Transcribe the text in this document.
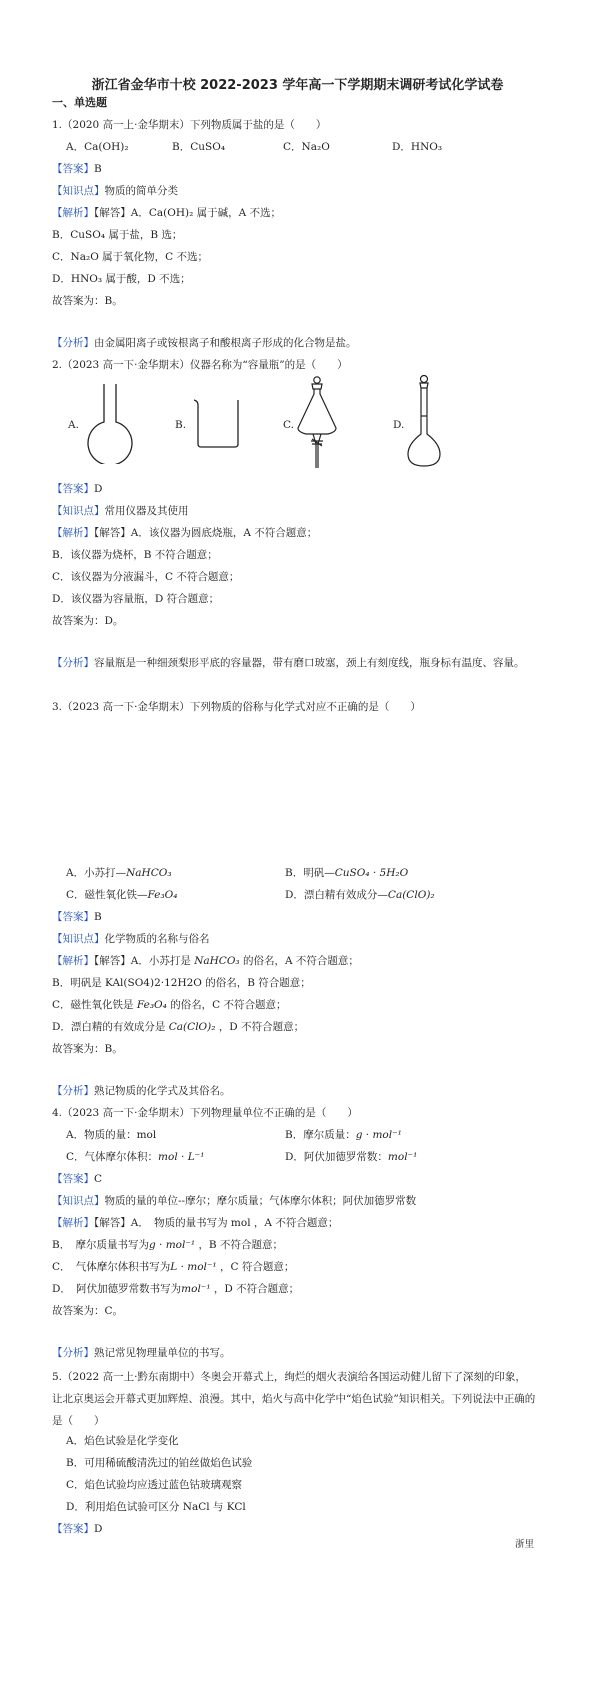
浙江省金华市十校 2022-2023 学年高一下学期期末调研考试化学试卷
一、单选题
1.（2020 高一上·金华期末）下列物质属于盐的是（　　）
A．Ca(OH)₂	B．CuSO₄	C．Na₂O	D．HNO₃
【答案】B
【知识点】物质的简单分类
【解析】【解答】A．Ca(OH)₂ 属于碱，A 不选；
B．CuSO₄ 属于盐，B 选；
C．Na₂O 属于氧化物，C 不选；
D．HNO₃ 属于酸，D 不选；
故答案为：B。
【分析】由金属阳离子或铵根离子和酸根离子形成的化合物是盐。
2.（2023 高一下·金华期末）仪器名称为“容量瓶”的是（　　）
A.	B.	C.	D.
【答案】D
【知识点】常用仪器及其使用
【解析】【解答】A．该仪器为圆底烧瓶，A 不符合题意；
B．该仪器为烧杯，B 不符合题意；
C．该仪器为分液漏斗，C 不符合题意；
D．该仪器为容量瓶，D 符合题意；
故答案为：D。
【分析】容量瓶是一种细颈梨形平底的容量器，带有磨口玻塞，颈上有刻度线，瓶身标有温度、容量。
3.（2023 高一下·金华期末）下列物质的俗称与化学式对应不正确的是（　　）
A．小苏打—NaHCO₃	B．明矾—CuSO₄ · 5H₂O
C．磁性氧化铁—Fe₃O₄	D．漂白精有效成分—Ca(ClO)₂
【答案】B
【知识点】化学物质的名称与俗名
【解析】【解答】A．小苏打是 NaHCO₃ 的俗名，A 不符合题意；
B．明矾是 KAl(SO4)2·12H2O 的俗名，B 符合题意；
C．磁性氧化铁是 Fe₃O₄ 的俗名，C 不符合题意；
D．漂白精的有效成分是 Ca(ClO)₂ ，D 不符合题意；
故答案为：B。
【分析】熟记物质的化学式及其俗名。
4.（2023 高一下·金华期末）下列物理量单位不正确的是（　　）
A．物质的量：mol	B．摩尔质量：g · mol⁻¹
C．气体摩尔体积：mol · L⁻¹	D．阿伏加德罗常数：mol⁻¹
【答案】C
【知识点】物质的量的单位--摩尔；摩尔质量；气体摩尔体积；阿伏加德罗常数
【解析】【解答】A．　物质的量书写为 mol ，A 不符合题意；
B．　摩尔质量书写为g · mol⁻¹ ，B 不符合题意；
C．　气体摩尔体积书写为L · mol⁻¹ ，C 符合题意；
D．　阿伏加德罗常数书写为mol⁻¹ ，D 不符合题意；
故答案为：C。
【分析】熟记常见物理量单位的书写。
5.（2022 高一上·黔东南期中）冬奥会开幕式上，绚烂的烟火表演给各国运动健儿留下了深刻的印象，让北京奥运会开幕式更加辉煌、浪漫。其中，焰火与高中化学中“焰色试验”知识相关。下列说法中正确的是（　　）
A．焰色试验是化学变化
B．可用稀硫酸清洗过的铂丝做焰色试验
C．焰色试验均应透过蓝色钴玻璃观察
D．利用焰色试验可区分 NaCl 与 KCl
【答案】D
浙里
